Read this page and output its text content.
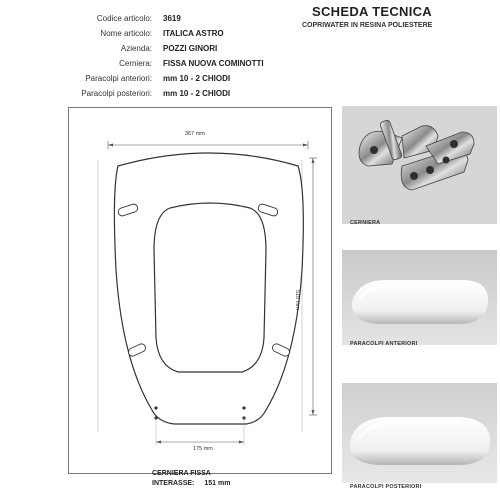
SCHEDA TECNICA
COPRIWATER IN RESINA POLIESTERE
Codice articolo: 3619
Nome articolo: ITALICA ASTRO
Azienda: POZZI GINORI
Cerniera: FISSA NUOVA COMINOTTI
Paracolpi anteriori: mm 10 - 2 CHIODI
Paracolpi posteriori: mm 10 - 2 CHIODI
367 mm
510 mm
175 mm
CERNIERA FISSA
INTERASSE: 151 mm
CERNIERA
PARACOLPI ANTERIORI
PARACOLPI POSTERIORI
